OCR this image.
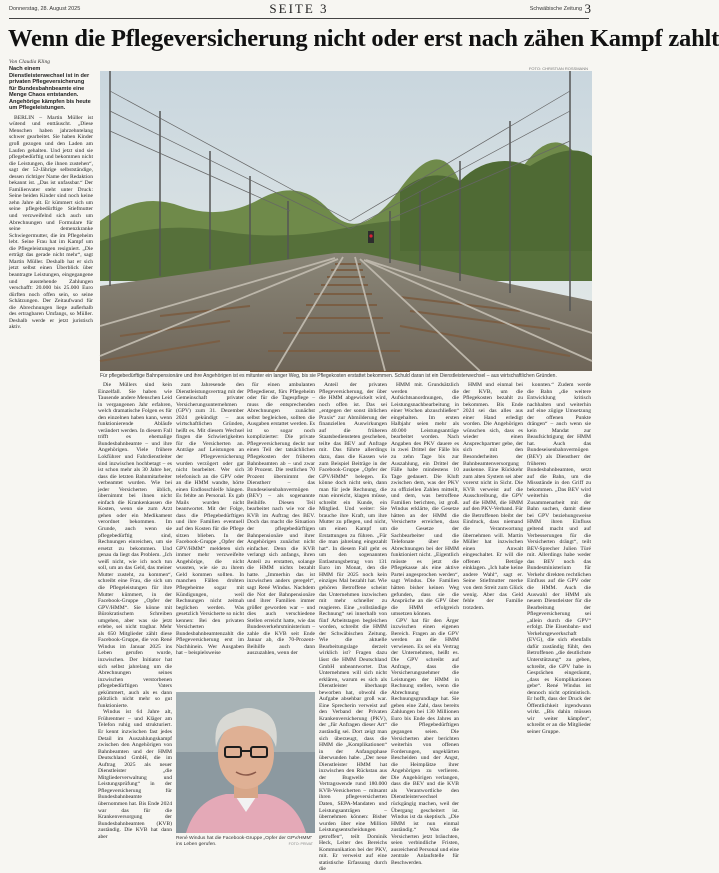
Donnerstag, 28. August 2025	SEITE 3	Schwäbische Zeitung 3
Wenn die Pflegeversicherung nicht oder erst nach zähen Kampf zahlt
Von Claudia Kling
FOTO: CHRISTIAN ROSSMANN
Für pflegebedürftige Bahnpensionäre und ihre Angehörigen ist es mitunter ein langer Weg, bis sie Pflegekosten erstattet bekommen. Schuld daran ist ein Dienstleisterwechsel – aus wirtschaftlichen Gründen.

Nach einem Dienstleisterwechsel ist in der privaten Pflegeversicherung für Bundesbahnbeamte eine Menge Chaos entstanden. Angehörige kämpfen bis heute um Pflegeleistungen.

BERLIN – Martin Müller ist wütend und enttäuscht. „Diese Menschen haben jahrzehntelang schwer gearbeitet. Sie haben Kinder groß gezogen und den Laden am Laufen gehalten. Und jetzt sind sie pflegebedürftig und bekommen nicht die Leistungen, die ihnen zustehen“, sagt der 52-Jährige selbstständige, dessen richtiger Name der Redaktion bekannt ist. „Das ist unfassbar.“ Der Familienvater steht unter Druck: Seine beiden Kinder sind noch keine zehn Jahre alt. Er kümmert sich um seine pflegebedürftige Stiefmutter und verzweifelnd sich auch um Abrechnungen und Formulare für seine demenzkranke Schwiegermutter, die im Pflegeheim lebt. Seine Frau hat im Kampf um die Pflegeleistungen resigniert. „Die erträgt das gerade nicht mehr“, sagt Martin Müller. Deshalb hat er sich jetzt selbst einen Überblick über beantragte Leistungen, eingegangene und ausstehende Zahlungen verschafft: 20.000 bis 25.000 Euro dürften noch offen sein, so seine Schätzungen. Der Zeitaufwand für die Abrechnungen liege außerhalb des ertragbaren Umfangs, so Müller. Deshalb werde er jetzt juristisch aktiv.

Die Müllers sind kein Einzelfall. Sie haben wie Tausende andere Menschen Leid in vergangenen Jahr erfahren, welch dramatische Folgen es für den einzelnen haben kann, wenn funktionierende Abläufe verändert werden. In diesem Fall trifft es ehemalige Bundesbahnbeamte – und ihre Angehörigen. Viele frühere Lokführer und Fahrdienstleiter sind inzwischen hochbetagt – es ist schon mehr als 30 Jahre her, dass die letzten Bahnmitarbeiter verbeamtet wurden. Wie bei jeder Versicherten üblich, übernimmt bei ihnen nicht einfach die Krankenkassen die Kosten, wenn sie zum Arzt gehen oder ein Medikament verordnet bekommen. Im Grunde, auch wenn sie pflegebedürftig sind, Rechnungen einreichen, um sie ersetzt zu bekommen. Und genau da liegt das Problem. „Ich weiß nicht, wie ich noch tun soll, um an das Geld, das meiner Mutter zusteht, zu kommen“, schreibt eine Frau, die sich um die Pflegeleistungen für ihre Mutter kümmert, in der Facebook-Gruppe „Opfer der GPV/HMM“. Sie könne mit Bürokratischem Schreiben umgehen, aber was sie jetzt erlebe, sei nicht tragbar. Mehr als 650 Mitglieder zählt diese Facebook-Gruppe, die von René Windus im Januar 2025 ins Leben gerufen wurde, inzwischen. Der Initiator hat sich selbst jahrelang um die Abrechnungen seines inzwischen verstorbenen pflegebedürftigen Vaters gekümmert, auch als es dann plötzlich nicht mehr so gut funktionierte.

Windus ist 64 Jahre alt, Frührentner – und Kläger am Telefon ruhig und strukturiert. Er kennt inzwischen fast jedes Detail im Auszahlungskampf zwischen den Angehörigen von Bahnbeamten und der HMM Deutschland GmbH, die im Auftrag 2025 als neuer Dienstleister „die Mitgliederverwaltung und Leistungsprüfung“ in der Pflegeversicherung für Bundesbahnbeamte übernommen hat. Bis Ende 2024 war das für die Krankenversorgung der Bundesbahnbeamten (KVB) zuständig. Die KVB hat dann aber

zum Jahresende den Dienstleistungsvertrag mit der Gemeinschaft privater Versicherungsunternehmen (GPV) zum 31. Dezember 2024 gekündigt – aus wirtschaftlichen Gründen, heißt es. Mit diesem Wechsel fingen die Schwierigkeiten für die Versicherten an. Anträge auf Leistungen an der Pflegeversicherung wurden verzögert oder gar nicht bearbeitet. Wer sich telefonisch an die GPV oder an die HMM wandte, hörte einen Endlosschleife hängen. Es fehlte an Personal. Es gab Mails wurden nicht beantwortet. Mit der Folge, dass die Pflegebedürftigen und ihre Familien eventuell auf den Kosten für die Pflege sitzen blieben. In der Facebook-Gruppe „Opfer der GPV/HMM“ meldeten sich immer mehr verzweifelte Angehörige, die nicht wussten, wie sie zu ihrem Geld kommen sollten. In manchen Fällen drohten Pflegeheime sogar mit Kündigungen, weil Rechnungen nicht zeitnah beglichen werden. Was gesetzlich Versicherte so nicht kennen: Bei den privaten Versicherten Bundesbahnbeamtenzahlt die Pflegeversicherung erst im Nachhinein. Wer Ausgaben hat – beispielsweise

für einen ambulanten Pflegedienst, fürs Pflegeheim oder für die Tagespflege – muss die entsprechenden Abrechnungen zunächst selbst begleichen, sollten die Ausgaben erstattet werden. Es ist so sogar noch komplizierter: Die private Pflegeversicherung deckt nur einen Teil der tatsächlichen Pflegekosten der früheren Bahnbeamten ab – und zwar 30 Prozent. Die restlichen 70 Prozent übernimmt der Dienstherr – das Bundeseisenbahnvermögen (BEV) – als sogenannte Beihilfe. Diesen Teil bearbeitet nach wie vor die KVB im Auftrag des BEV. Doch das macht die Situation der pflegebedürftigen Bahnpensionäre und ihrer Angehörigen zunächst nicht einfacher. Denn die KVB verlangt sich anfangs, ihren Anteil zu erstatten, solange die HMM nichts bezahlt hatte. „Immerhin das ist inzwischen anders geregelt“, sagt René Windus. Nachdem die Not der Bahnpensionäre und ihrer Familien immer größer geworden war – und dies auch verschiedene Stellen erreicht hatte, wie das Bundesverkehrsministerium – zahle die KVB seit Ende Januar ab, die 70-Prozent-Beihilfe auch dann auszuzahlen, wenn der

Anteil der privaten Pflegeversicherung, der über die HMM abgewickelt wird, noch offen ist. Das sei „entgegen der sonst üblichen Praxis“ zur Abmilderung der finanziellen Auswirkungen auf die früheren Staatsbediensteten geschehen, teilte das BEV auf Anfrage mit. Das führte allerdings dazu, dass die Kassen wie zum Beispiel Beiträge in der Facebook-Gruppe „Opfer der GPV/HMM“ belegen. Es könne doch nicht sein, dann man für jede Rechnung, die man einreicht, klagen müsse, schreibt ein Kunde, ein Mitglied. Und weiter: Sie brauche ihre Kraft, um ihre Mutter zu pflegen, und nicht, um einen Kampf um Erstattungen zu führen. „Für die man jahrelang eingezahlt hat“. In diesem Fall geht es um den sogenannten Entlastungsbetrag von 131 Euro im Monat, den die HMM für 2025 noch kein einziges Mal bezahlt hat. Wie gehören Betroffene scheint das Unternehmen inzwischen mit mehr schneller zu reagieren. Eine „vollständige Rechnung“ sei innerhalb von fünf Arbeitstagen begleichen worden, schreibt die HMM der Schwäbischen Zeitung. Wie die aktuelle Bearbeitungslage derzeit wirklich ist? Fragen dazu lässt die HMM Deutschland GmbH unbeantwortet. Das Unternehmen will sich nicht erklären, warum es sich als Dienstleister überhaupt beworben hat, obwohl die Aufgabe absehbar groß war. Eine Sprecherin verweist auf den Verband der Privaten Krankenversicherung (PKV), der „für Anfragen dieser Art“ zuständig sei. Dort zeigt man sich überzeugt, dass die HMM die „Komplikationen“ in der Anfangsphase überwunden habe. „Der neue Dienstleister HMM hat inzwischen den Rückstau aus der Bugwelle der Vertragswende rund 180.000 KVB-Versicherten – mitsamt ihren pflegeversicherten Daten, SEPA-Mandaten und Leistungsanträgen – übernehmen können: Bisher wurden über eine Million Leistungsentscheidungen getroffen“, teilt Dominik Heck, Leiter des Bereichs Kommunikation bei der PKV, mit. Er verweist auf eine statistische Erfassung durch die

HMM mit. Grundsätzlich werden die Aufsichtsanordnungen, die Leistungsnachbearbeitung in einer Wochen abzuschließen“ eingehalten. Im ersten Halbjahr seien mehr als 40.000 Leistungsanträge bearbeitet worden. Nach Angaben des PKV dauere es in zwei Drittel der Fälle bis zu zehn Tage bis zur Auszahlung, ein Drittel der Fälle habe mindestens 10 Tage gedauert. Die Kluft zwischen dem, was der PKV zu offiziellen Zahlen mitteilt, und dem, was betroffene Familien berichten, ist groß. Windus erklärte, die Gesetze hätten an der HMM die Versicherte erreichen, dass die Gesetze der Sachbearbeiter und die Telefonate über die Abrechnungen bei der HMM funktioniert nicht. „Eigentlich müsste es jetzt die Pflegekasse als eine aktive Partei angesprochen werden“, sagt Windus. Die Familien hätten bisher keinen Weg gefunden, dass sie die Ansprüche an die GPV über die HMM erfolgreich umsetzen können.

GPV hat für den Ärger inzwischen einen eigenen Bereich. Fragen an die GPV werden an die HMM verwiesen. Es sei ein Vertrag der Unternehmen, heißt es. Die GPV schreibt auf Anfrage, dass die Versicherungsnehmer die Leistungen der HMM in Rechnung stellen, wenn die Abrechnung eine Rechnungsgrundlage hat. Sie geben eine Zahl, dass bereits Zahlungen bei 130 Millionen Euro bis Ende des Jahres an die Pflegebedürftigen gegangen seien. Die Versicherten aber berichten weiterhin von offenen Forderungen, ungeklärten Bescheiden und der Angst, die Heimplätze ihrer Angehörigen zu verlieren. Die Angehörigen verlangen, dass die BEV und die KVB als Verantwortliche den Dienstleisterwechsel rückgängig machen, weil der Übergang gescheitert ist. Windus ist da skeptisch. „Die HMM ist nun einmal zuständig.“ Was die Versicherten jetzt bräuchten, seien verbindliche Fristen, ausreichend Personal und eine zentrale Anlaufstelle für Beschwerden.

HMM und einmal bei der KVB, um die Pflegekosten bezahlt zu bekommen. Bis Ende 2024 sei das alles aus einer Hand erledigt worden. Die Angehörigen wünschen sich, dass es wieder einen Ansprechpartner gebe, der sich mit den Besonderheiten der Bahnbeamtenversorgung auskenne. Eine Rückkehr zum alten System sei aber vorerst nicht in Sicht. Die KVB verweist auf die Ausschreibung, die GPV auf die HMM, die HMM auf den PKV-Verband. Für die Betroffenen bleibt der Eindruck, dass niemand die Verantwortung übernehmen will. Martin Müller hat inzwischen einen Anwalt eingeschaltet. Er will die offenen Beträge einklagen. „Ich habe keine andere Wahl“, sagt er. Seine Stiefmutter merke von dem Streit zum Glück wenig. Aber das Geld fehle der Familie trotzdem.

konnten.“ Zudem werde die Bahn „die weitere Entwicklung kritisch nachhalten und weiterhin auf eine zügige Umsetzung der offenen Punkte drängen“ – auch wenn sie kein Mandat zur Beaufsichtigung der HMM hat. Auch das Bundeseisenbahnvermögen (BEV) als Dienstherr der früheren Bundesbahnbeamten, setzt auf die Bahn, um die Missstände in den Griff zu bekommen. „Das BEV wird weiterhin die Zusammenarbeit mit der Bahn suchen, damit diese bei GPV beziehungsweise HMM ihren Einfluss geltend macht und auf Verbesserungen für die Versicherten drängt“, teilt BEV-Sprecher Julien Türé mit. Allerdings habe weder das BEV noch das Bundesministerium für Verkehr direkten rechtlichen Einfluss auf die GPV oder die HMM. Auch die Auswahl der HMM als neuem Dienstleister für die Bearbeitung der Pflegeversicherung sei „allein durch die GPV“ erfolgt. Die Eisenbahn- und Verkehrsgewerkschaft (EVG), die sich ebenfalls dafür zuständig fühlt, den Betroffenen „die deutlichste Unterstützung“ zu geben, schreibt, die GPV habe in Gesprächen eingeräumt, „dass es Komplikationen gebe“. René Windus ist dennoch nicht optimistisch. Er hofft, dass der Druck der Öffentlichkeit irgendwann wirkt. „Bis dahin müssen wir weiter kämpfen“, schreibt er an die Mitglieder seiner Gruppe.

René Windus hat die Facebook-Gruppe „Opfer der GPV/HMM“ ins Leben gerufen.	FOTO: PRIVAT
